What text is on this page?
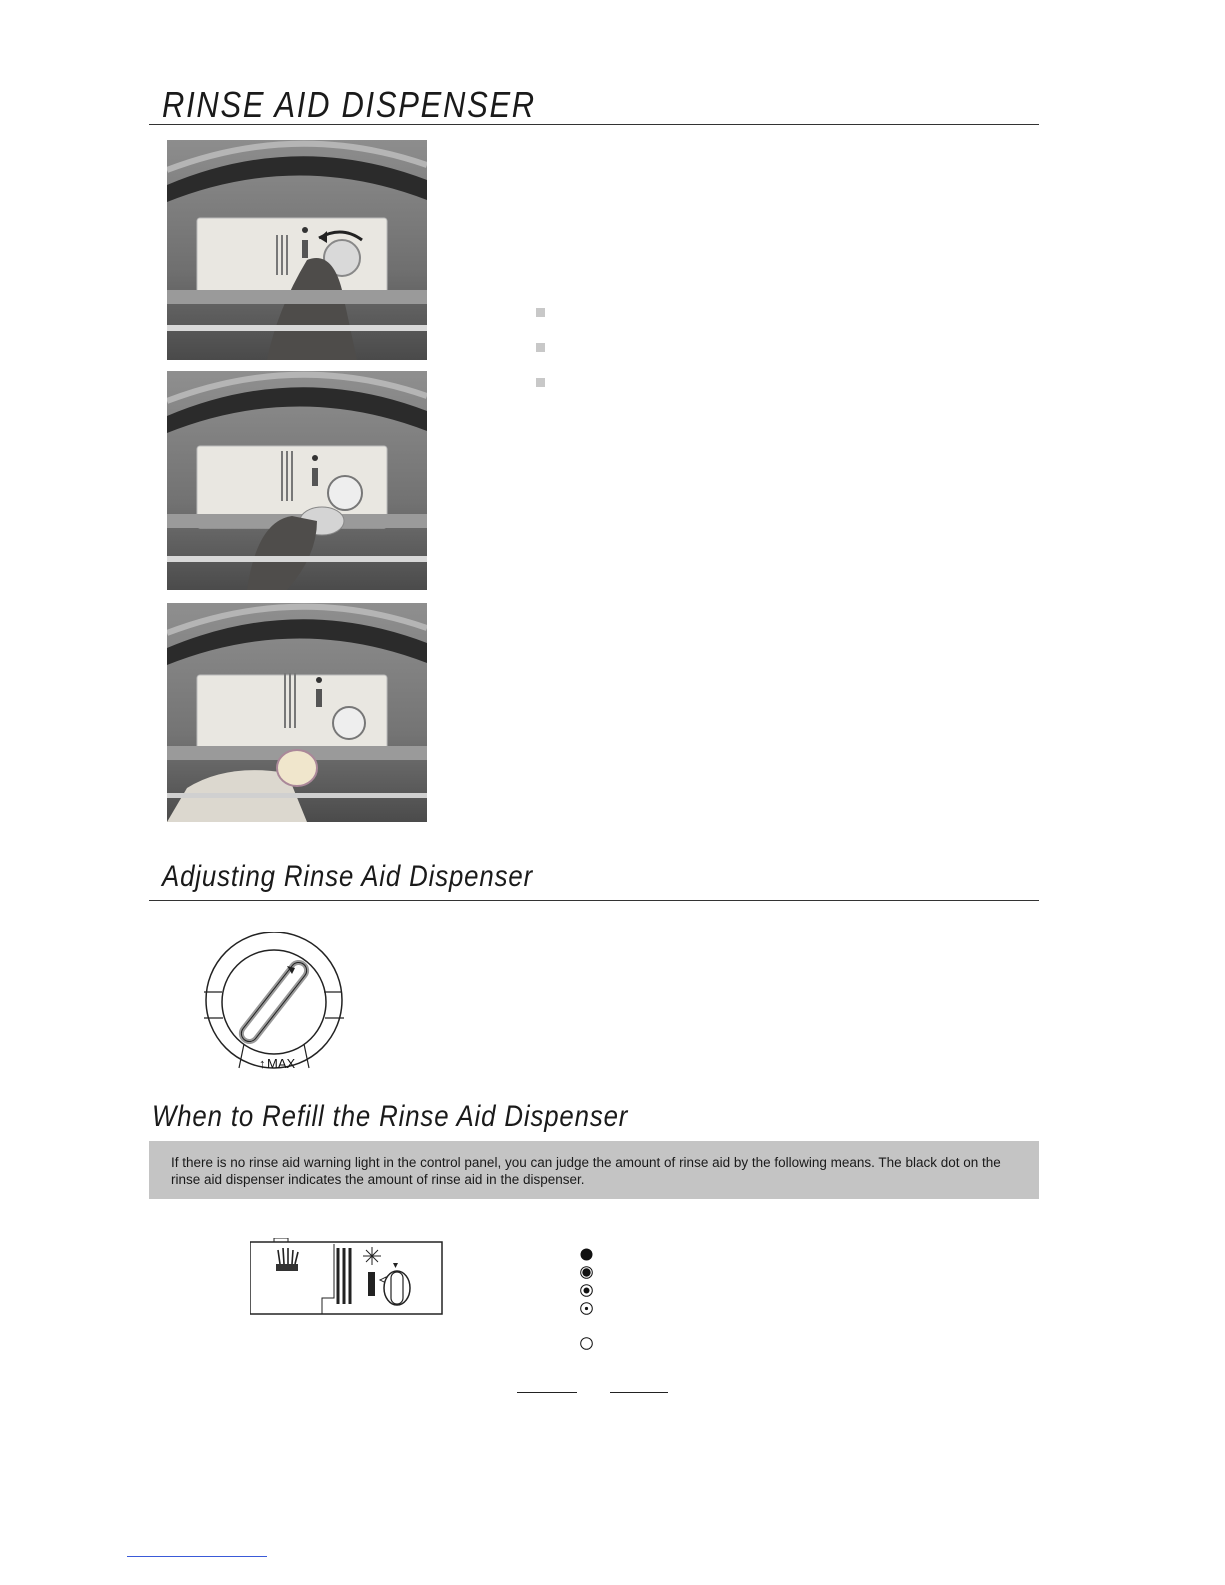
RINSE AID DISPENSER
Adjusting Rinse Aid Dispenser
↑ MAX
When to Refill the Rinse Aid Dispenser

If there is no rinse aid warning light in the control panel, you can judge the amount of rinse aid by the following means. The black dot on the rinse aid dispenser indicates the amount of rinse aid in the dispenser.
